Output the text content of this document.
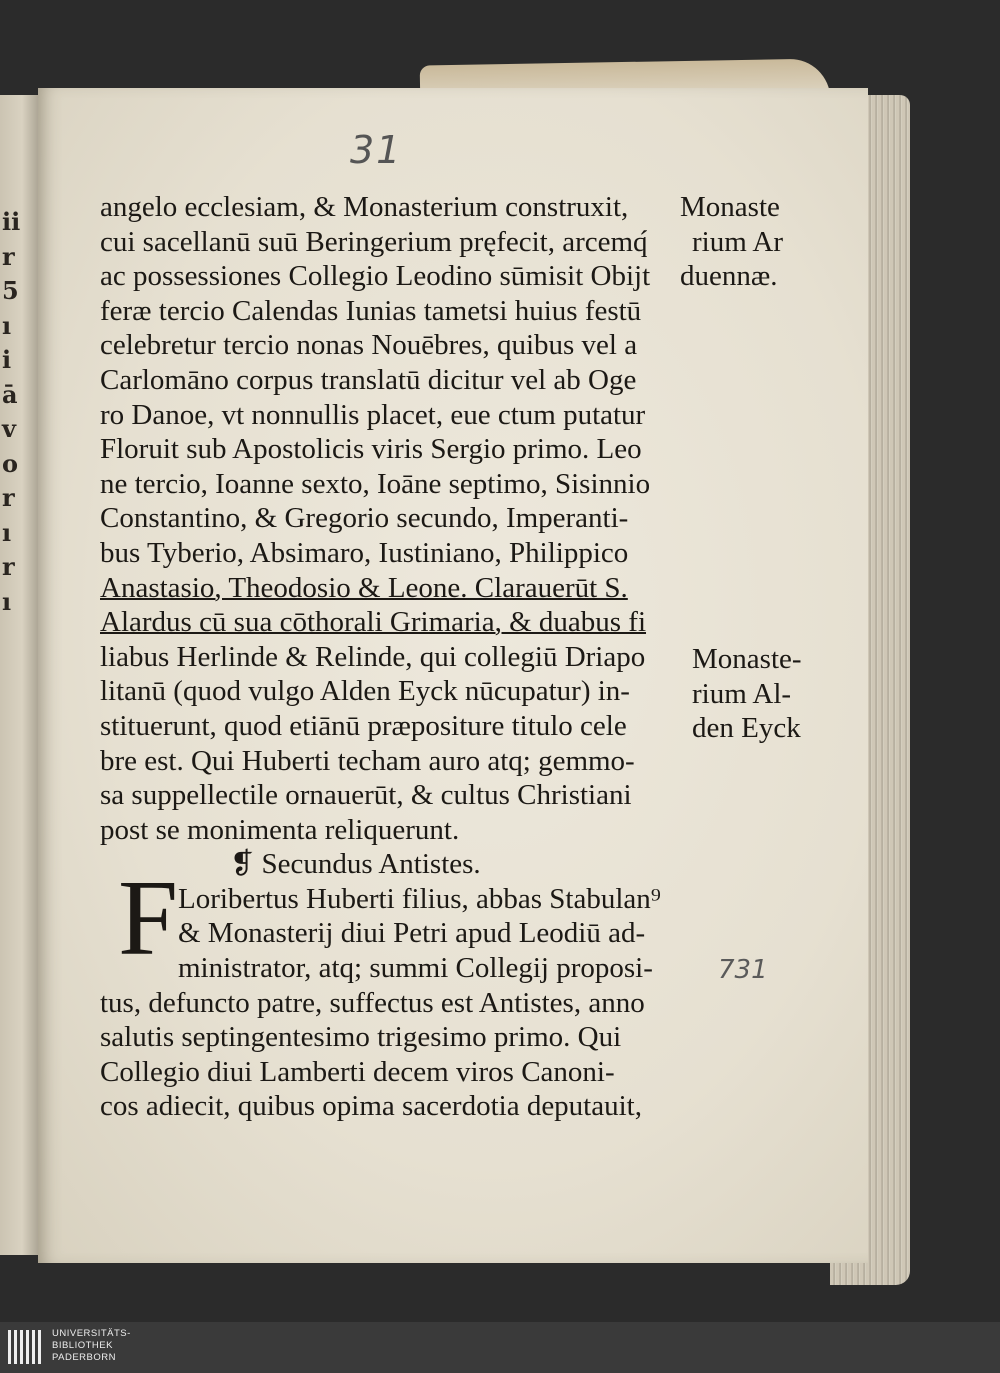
ii
r
5
ı
i
ā
v
o
r
ı
r
ı
31
angelo ecclesiam, & Monasterium construxit,
cui sacellanū suū Beringerium pręfecit, arcemq́
ac possessiones Collegio Leodino sūmisit Obijt
feræ tercio Calendas Iunias tametsi huius festū
celebretur tercio nonas Nouēbres, quibus vel a
Carlomāno corpus translatū dicitur vel ab Oge
ro Danoe, vt nonnullis placet, eue ctum putatur
Floruit sub Apostolicis viris Sergio primo. Leo
ne tercio, Ioanne sexto, Ioāne septimo, Sisinnio
Constantino, & Gregorio secundo, Imperanti-
bus Tyberio, Absimaro, Iustiniano, Philippico
Anastasio, Theodosio & Leone. Clarauerūt S.
Alardus cū sua cōthorali Grimaria, & duabus fi
liabus Herlinde & Relinde, qui collegiū Driapo
litanū (quod vulgo Alden Eyck nūcupatur) in-
stituerunt, quod etiānū præpositure titulo cele
bre est. Qui Huberti techam auro atq; gemmo-
sa suppellectile ornauerūt, & cultus Christiani
post se monimenta reliquerunt.
❡ Secundus Antistes.
Loribertus Huberti filius, abbas Stabulan⁹
& Monasterij diui Petri apud Leodiū ad-
ministrator, atq; summi Collegij proposi-
tus, defuncto patre, suffectus est Antistes, anno
salutis septingentesimo trigesimo primo. Qui
Collegio diui Lamberti decem viros Canoni-
cos adiecit, quibus opima sacerdotia deputauit,
F
Monaste
rium Ar
duennæ.
Monaste-
rium Al-
den Eyck
731
UNIVERSITÄTS-
BIBLIOTHEK
PADERBORN
